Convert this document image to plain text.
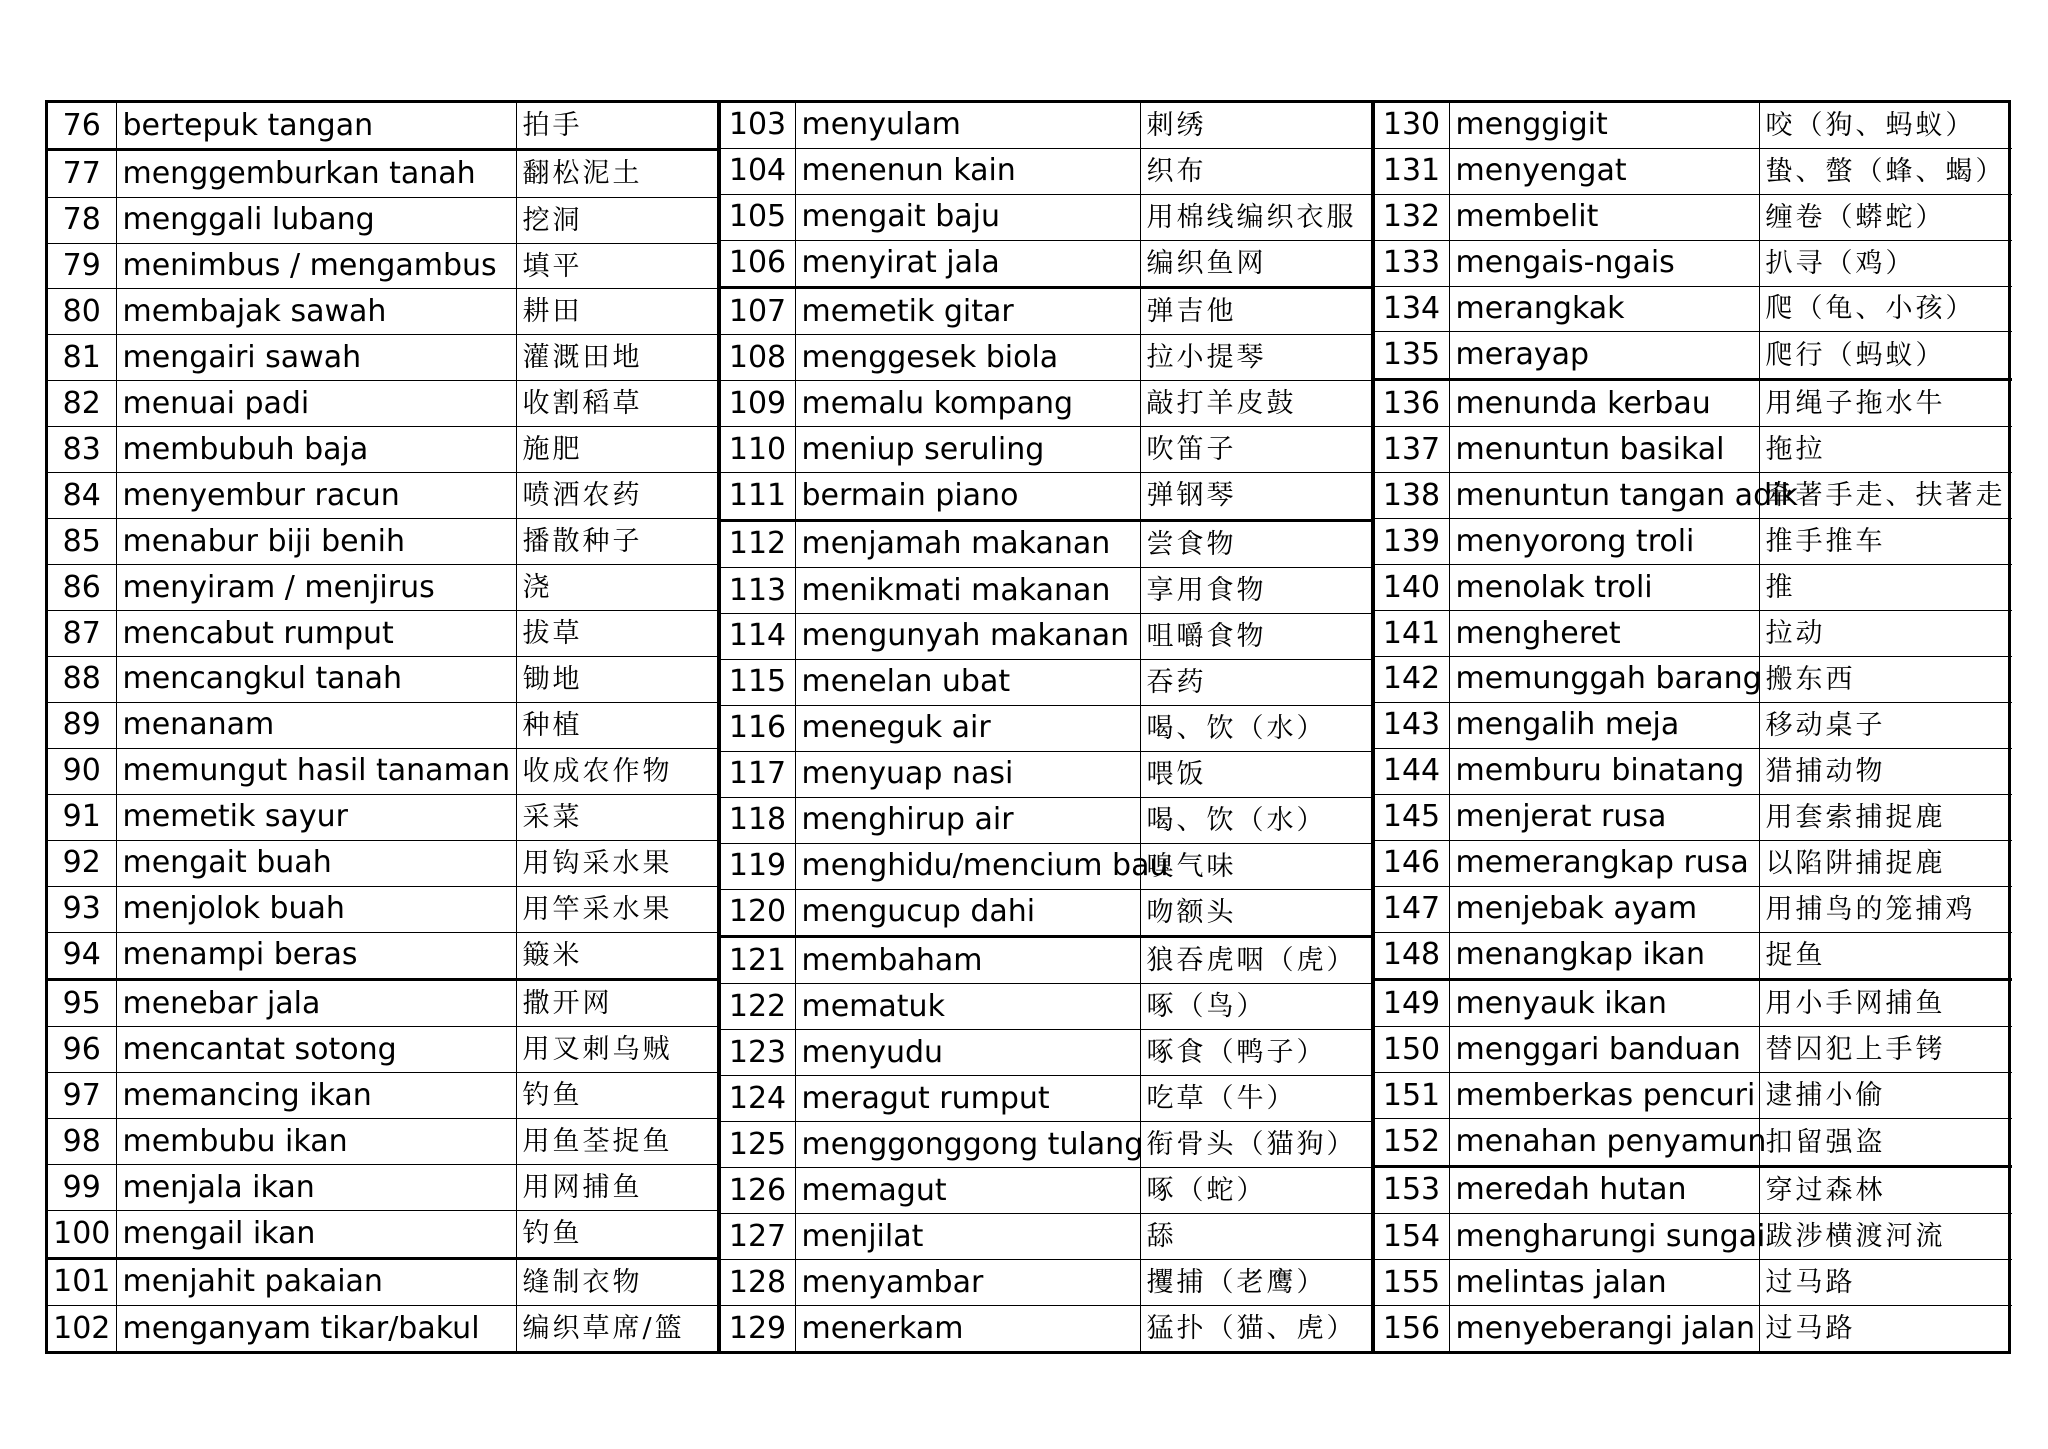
76	bertepuk tangan	拍手
77	menggemburkan tanah	翻松泥土
78	menggali lubang	挖洞
79	menimbus / mengambus	填平
80	membajak sawah	耕田
81	mengairi sawah	灌溉田地
82	menuai padi	收割稻草
83	membubuh baja	施肥
84	menyembur racun	喷洒农药
85	menabur biji benih	播散种子
86	menyiram / menjirus	浇
87	mencabut rumput	拔草
88	mencangkul tanah	锄地
89	menanam	种植
90	memungut hasil tanaman	收成农作物
91	memetik sayur	采菜
92	mengait buah	用钩采水果
93	menjolok buah	用竿采水果
94	menampi beras	簸米
95	menebar jala	撒开网
96	mencantat sotong	用叉刺乌贼
97	memancing ikan	钓鱼
98	membubu ikan	用鱼荃捉鱼
99	menjala ikan	用网捕鱼
100	mengail ikan	钓鱼
101	menjahit pakaian	缝制衣物
102	menganyam tikar/bakul	编织草席/篮
103	menyulam	刺绣
104	menenun kain	织布
105	mengait baju	用棉线编织衣服
106	menyirat jala	编织鱼网
107	memetik gitar	弹吉他
108	menggesek biola	拉小提琴
109	memalu kompang	敲打羊皮鼓
110	meniup seruling	吹笛子
111	bermain piano	弹钢琴
112	menjamah makanan	尝食物
113	menikmati makanan	享用食物
114	mengunyah makanan	咀嚼食物
115	menelan ubat	吞药
116	meneguk air	喝、饮（水）
117	menyuap nasi	喂饭
118	menghirup air	喝、饮（水）
119	menghidu/mencium bau	嗅气味
120	mengucup dahi	吻额头
121	membaham	狼吞虎咽（虎）
122	mematuk	啄（鸟）
123	menyudu	啄食（鸭子）
124	meragut rumput	吃草（牛）
125	menggonggong tulang	衔骨头（猫狗）
126	memagut	啄（蛇）
127	menjilat	舔
128	menyambar	攫捕（老鹰）
129	menerkam	猛扑（猫、虎）
130	menggigit	咬（狗、蚂蚁）
131	menyengat	蛰、螫（蜂、蝎）
132	membelit	缠卷（蟒蛇）
133	mengais-ngais	扒寻（鸡）
134	merangkak	爬（龟、小孩）
135	merayap	爬行（蚂蚁）
136	menunda kerbau	用绳子拖水牛
137	menuntun basikal	拖拉
138	menuntun tangan adik	牵著手走、扶著走
139	menyorong troli	推手推车
140	menolak troli	推
141	mengheret	拉动
142	memunggah barang	搬东西
143	mengalih meja	移动桌子
144	memburu binatang	猎捕动物
145	menjerat rusa	用套索捕捉鹿
146	memerangkap rusa	以陷阱捕捉鹿
147	menjebak ayam	用捕鸟的笼捕鸡
148	menangkap ikan	捉鱼
149	menyauk ikan	用小手网捕鱼
150	menggari banduan	替囚犯上手铐
151	memberkas pencuri	逮捕小偷
152	menahan penyamun	扣留强盗
153	meredah hutan	穿过森林
154	mengharungi sungai	跋涉横渡河流
155	melintas jalan	过马路
156	menyeberangi jalan	过马路
